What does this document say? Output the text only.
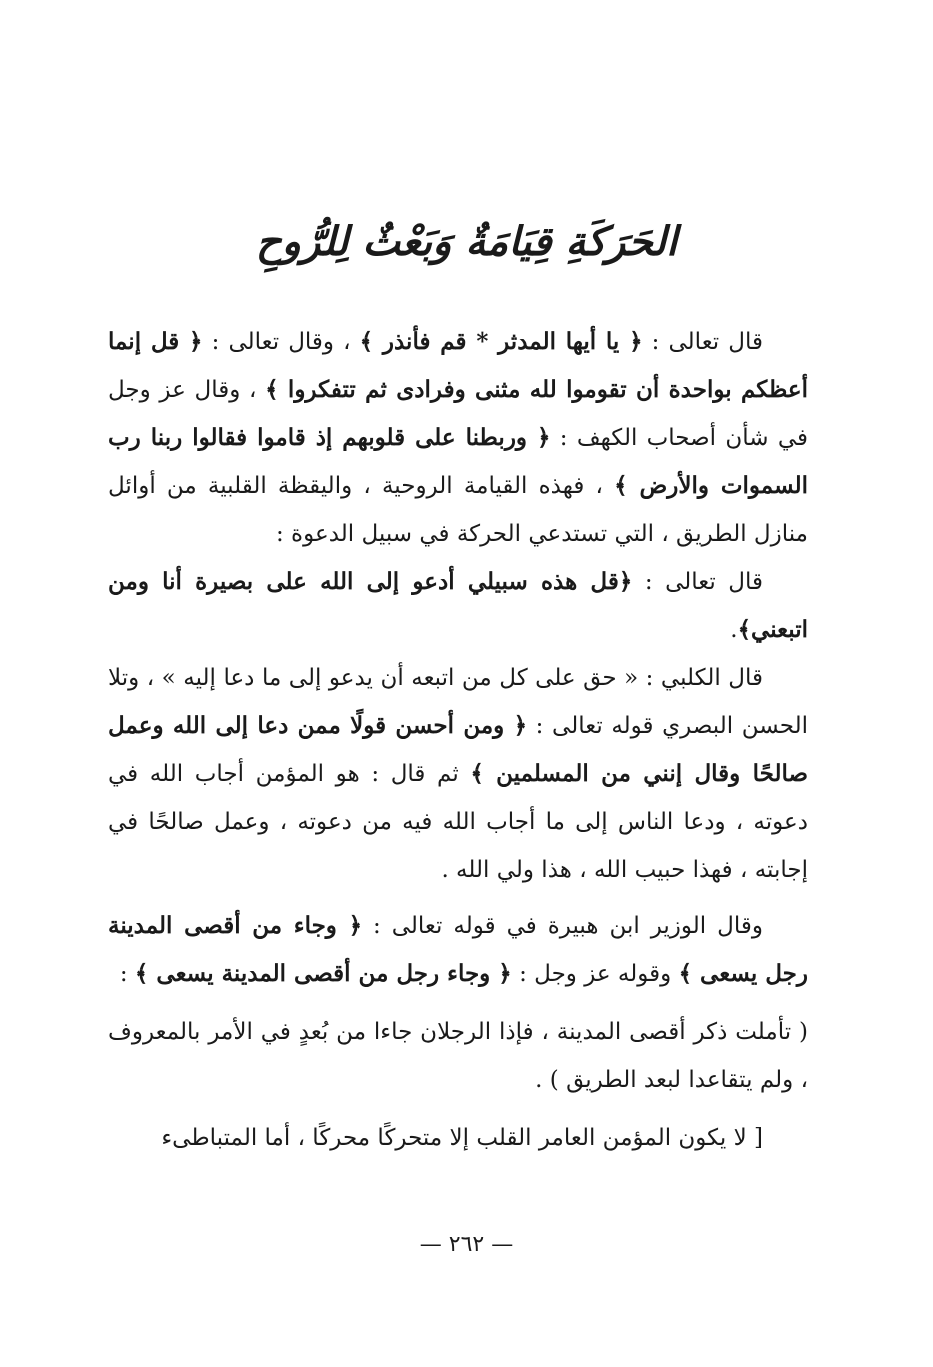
الحَرَكَةِ قِيَامَةٌ وَبَعْثٌ لِلرُّوحِ

قال تعالى : ﴿ يا أيها المدثر * قم فأنذر ﴾ ، وقال تعالى : ﴿ قل إنما أعظكم بواحدة أن تقوموا لله مثنى وفرادى ثم تتفكروا ﴾ ، وقال عز وجل في شأن أصحاب الكهف : ﴿ وربطنا على قلوبهم إذ قاموا فقالوا ربنا رب السموات والأرض ﴾ ، فهذه القيامة الروحية ، واليقظة القلبية من أوائل منازل الطريق ، التي تستدعي الحركة في سبيل الدعوة :

قال تعالى : ﴿قل هذه سبيلي أدعو إلى الله على بصيرة أنا ومن اتبعني﴾.

قال الكلبي : « حق على كل من اتبعه أن يدعو إلى ما دعا إليه » ، وتلا الحسن البصري قوله تعالى : ﴿ ومن أحسن قولًا ممن دعا إلى الله وعمل صالحًا وقال إنني من المسلمين ﴾ ثم قال : هو المؤمن أجاب الله في دعوته ، ودعا الناس إلى ما أجاب الله فيه من دعوته ، وعمل صالحًا في إجابته ، فهذا حبيب الله ، هذا ولي الله .

وقال الوزير ابن هبيرة في قوله تعالى : ﴿ وجاء من أقصى المدينة رجل يسعى ﴾ وقوله عز وجل : ﴿ وجاء رجل من أقصى المدينة يسعى ﴾ :

( تأملت ذكر أقصى المدينة ، فإذا الرجلان جاءا من بُعدٍ في الأمر بالمعروف ، ولم يتقاعدا لبعد الطريق ) .

[ لا يكون المؤمن العامر القلب إلا متحركًا محركًا ، أما المتباطىء

— ٢٦٢ —
